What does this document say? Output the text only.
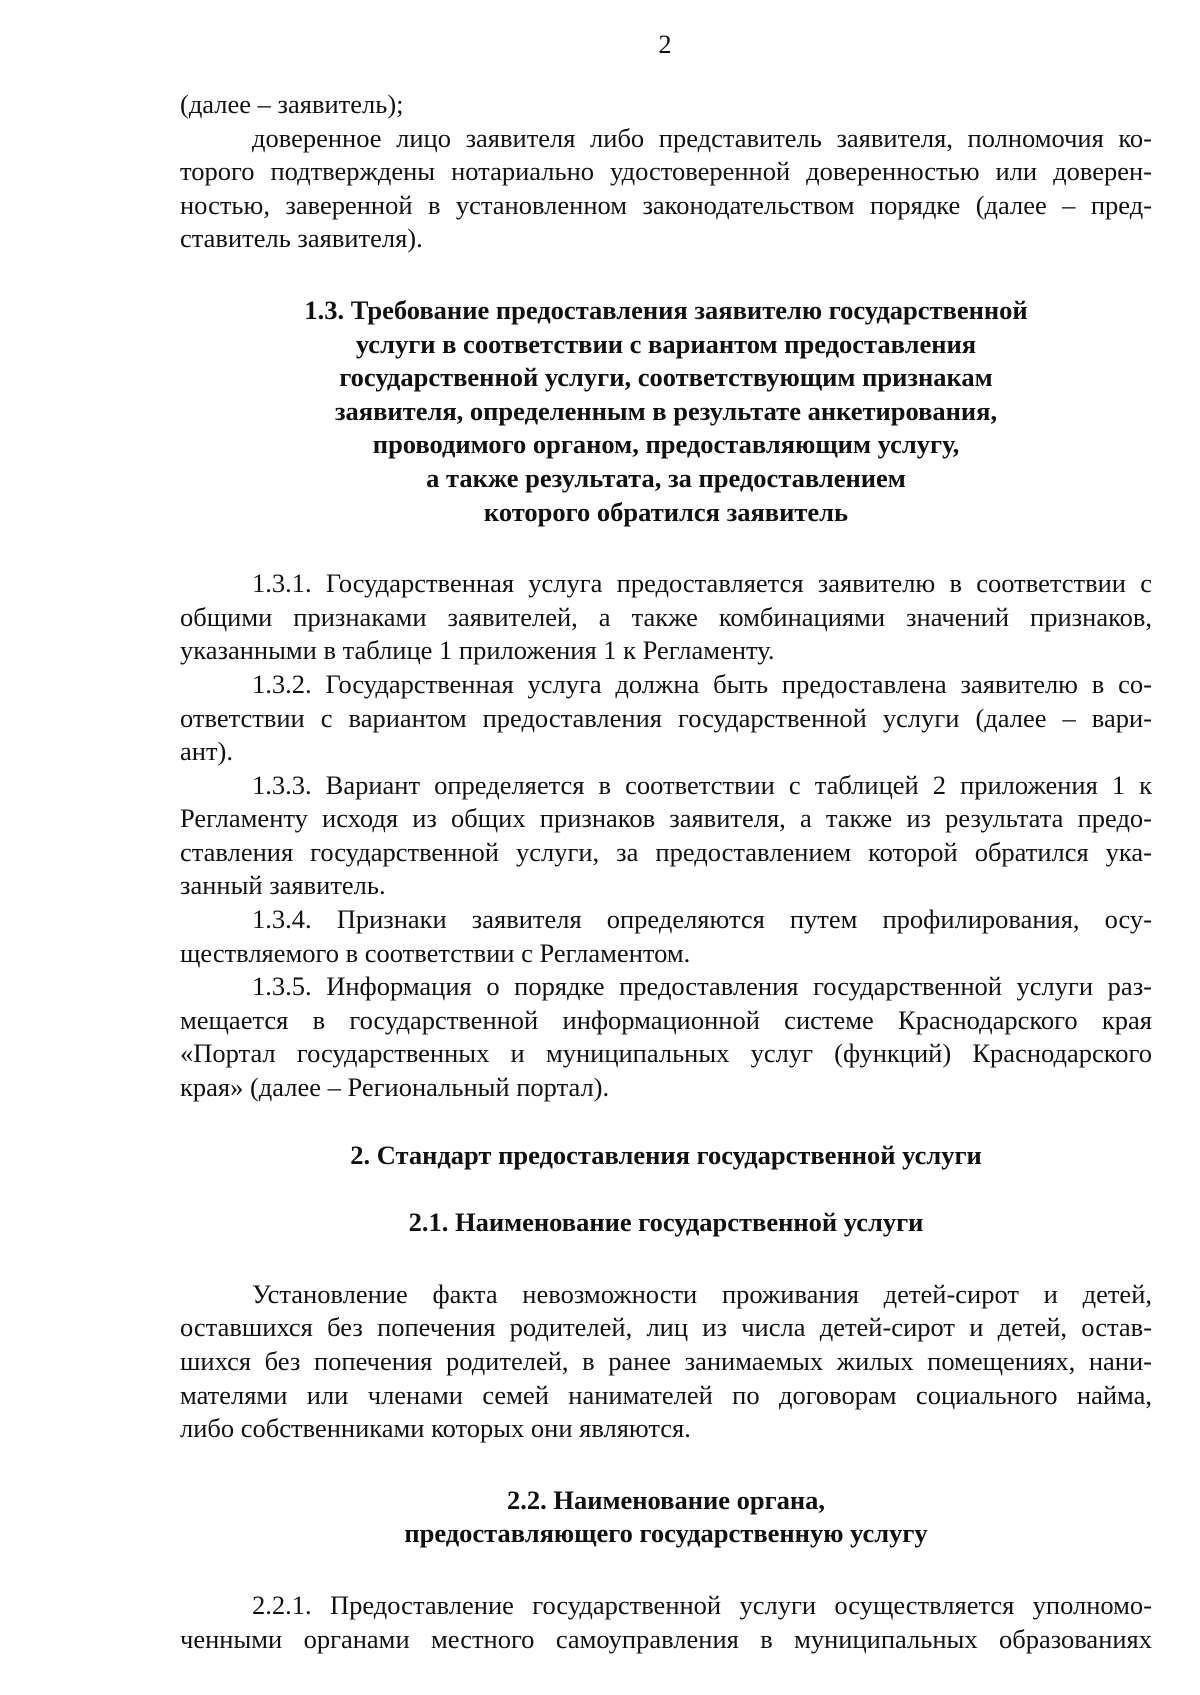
2

(далее – заявитель);
доверенное лицо заявителя либо представитель заявителя, полномочия ко-
торого подтверждены нотариально удостоверенной доверенностью или доверен-
ностью, заверенной в установленном законодательством порядке (далее – пред-
ставитель заявителя).
1.3. Требование предоставления заявителю государственной
услуги в соответствии с вариантом предоставления
государственной услуги, соответствующим признакам
заявителя, определенным в результате анкетирования,
проводимого органом, предоставляющим услугу,
а также результата, за предоставлением
которого обратился заявитель
1.3.1. Государственная услуга предоставляется заявителю в соответствии с
общими признаками заявителей, а также комбинациями значений признаков,
указанными в таблице 1 приложения 1 к Регламенту.
1.3.2. Государственная услуга должна быть предоставлена заявителю в со-
ответствии с вариантом предоставления государственной услуги (далее – вари-
ант).
1.3.3. Вариант определяется в соответствии с таблицей 2 приложения 1 к
Регламенту исходя из общих признаков заявителя, а также из результата предо-
ставления государственной услуги, за предоставлением которой обратился ука-
занный заявитель.
1.3.4. Признаки заявителя определяются путем профилирования, осу-
ществляемого в соответствии с Регламентом.
1.3.5. Информация о порядке предоставления государственной услуги раз-
мещается в государственной информационной системе Краснодарского края
«Портал государственных и муниципальных услуг (функций) Краснодарского
края» (далее – Региональный портал).
2. Стандарт предоставления государственной услуги
2.1. Наименование государственной услуги
Установление факта невозможности проживания детей-сирот и детей,
оставшихся без попечения родителей, лиц из числа детей-сирот и детей, остав-
шихся без попечения родителей, в ранее занимаемых жилых помещениях, нани-
мателями или членами семей нанимателей по договорам социального найма,
либо собственниками которых они являются.
2.2. Наименование органа,
предоставляющего государственную услугу
2.2.1. Предоставление государственной услуги осуществляется уполномо-
ченными органами местного самоуправления в муниципальных образованиях
